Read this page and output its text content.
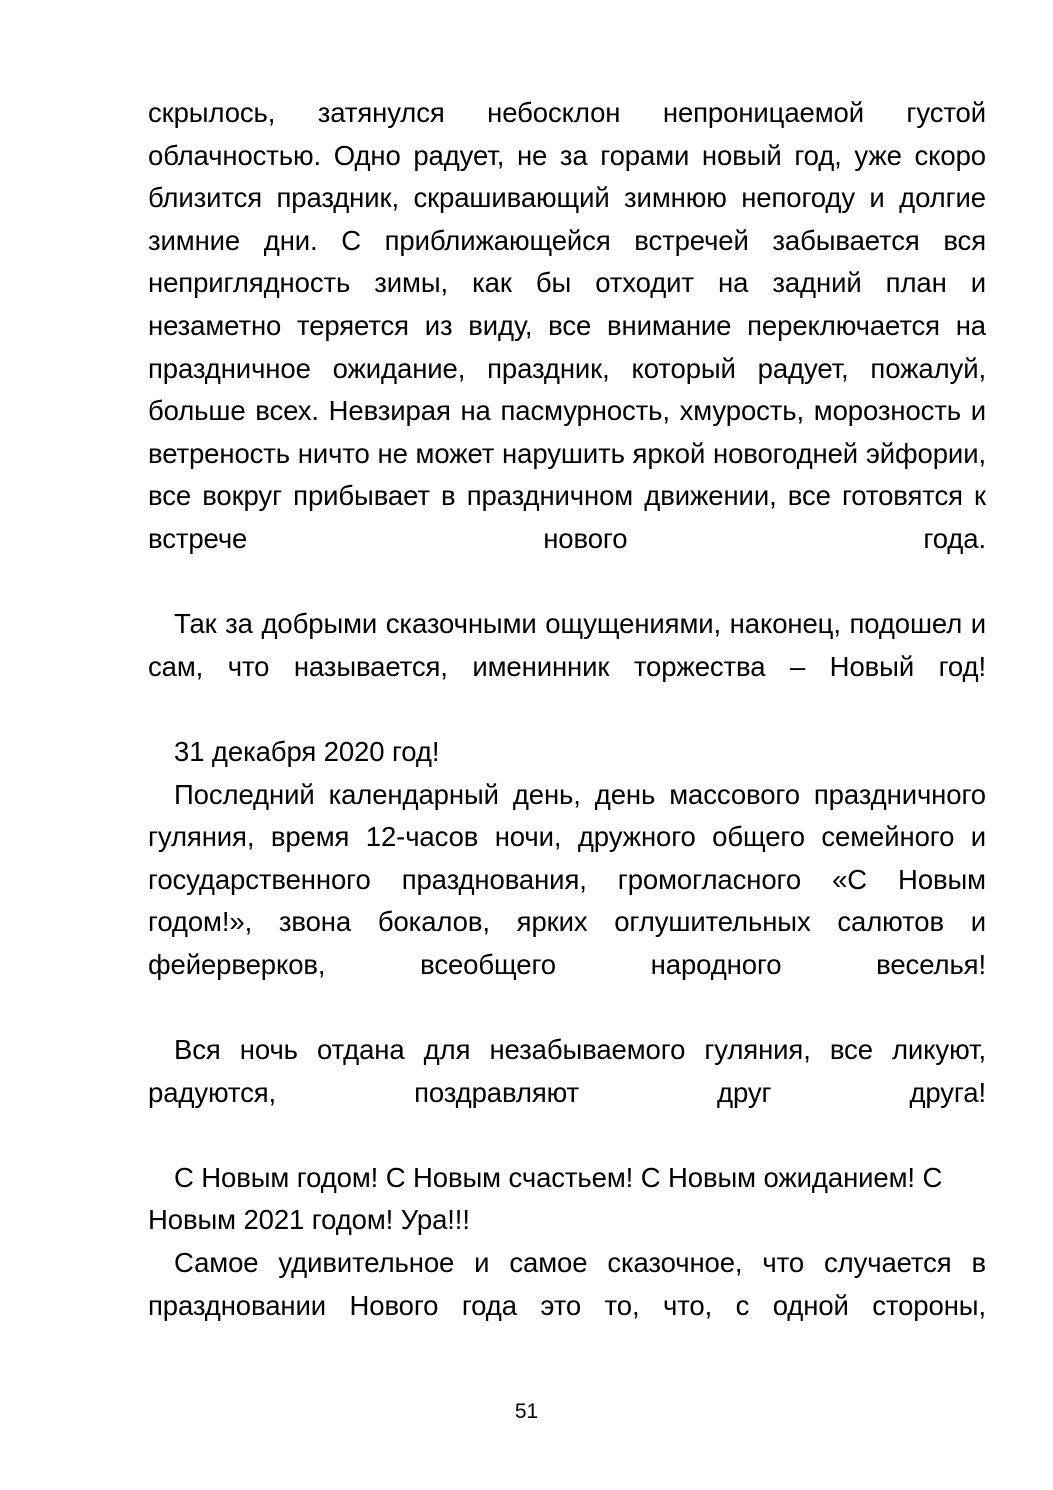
скрылось, затянулся небосклон непроницаемой густой облачностью. Одно радует, не за горами новый год, уже скоро близится праздник, скрашивающий зимнюю непогоду и долгие зимние дни. С приближающейся встречей забывается вся неприглядность зимы, как бы отходит на задний план и незаметно теряется из виду, все внимание переключается на праздничное ожидание, праздник, который радует, пожалуй, больше всех. Невзирая на пасмурность, хмурость, морозность и ветреность ничто не может нарушить яркой новогодней эйфории, все вокруг прибывает в праздничном движении, все готовятся к встрече нового года.

Так за добрыми сказочными ощущениями, наконец, подошел и сам, что называется, именинник торжества – Новый год!

31 декабря 2020 год!

Последний календарный день, день массового праздничного гуляния, время 12-часов ночи, дружного общего семейного и государственного празднования, громогласного «С Новым годом!», звона бокалов, ярких оглушительных салютов и фейерверков, всеобщего народного веселья!

Вся ночь отдана для незабываемого гуляния, все ликуют, радуются, поздравляют друг друга!

С Новым годом! С Новым счастьем! С Новым ожиданием! С Новым 2021 годом! Ура!!!

Самое удивительное и самое сказочное, что случается в праздновании Нового года это то, что, с одной стороны,

51
